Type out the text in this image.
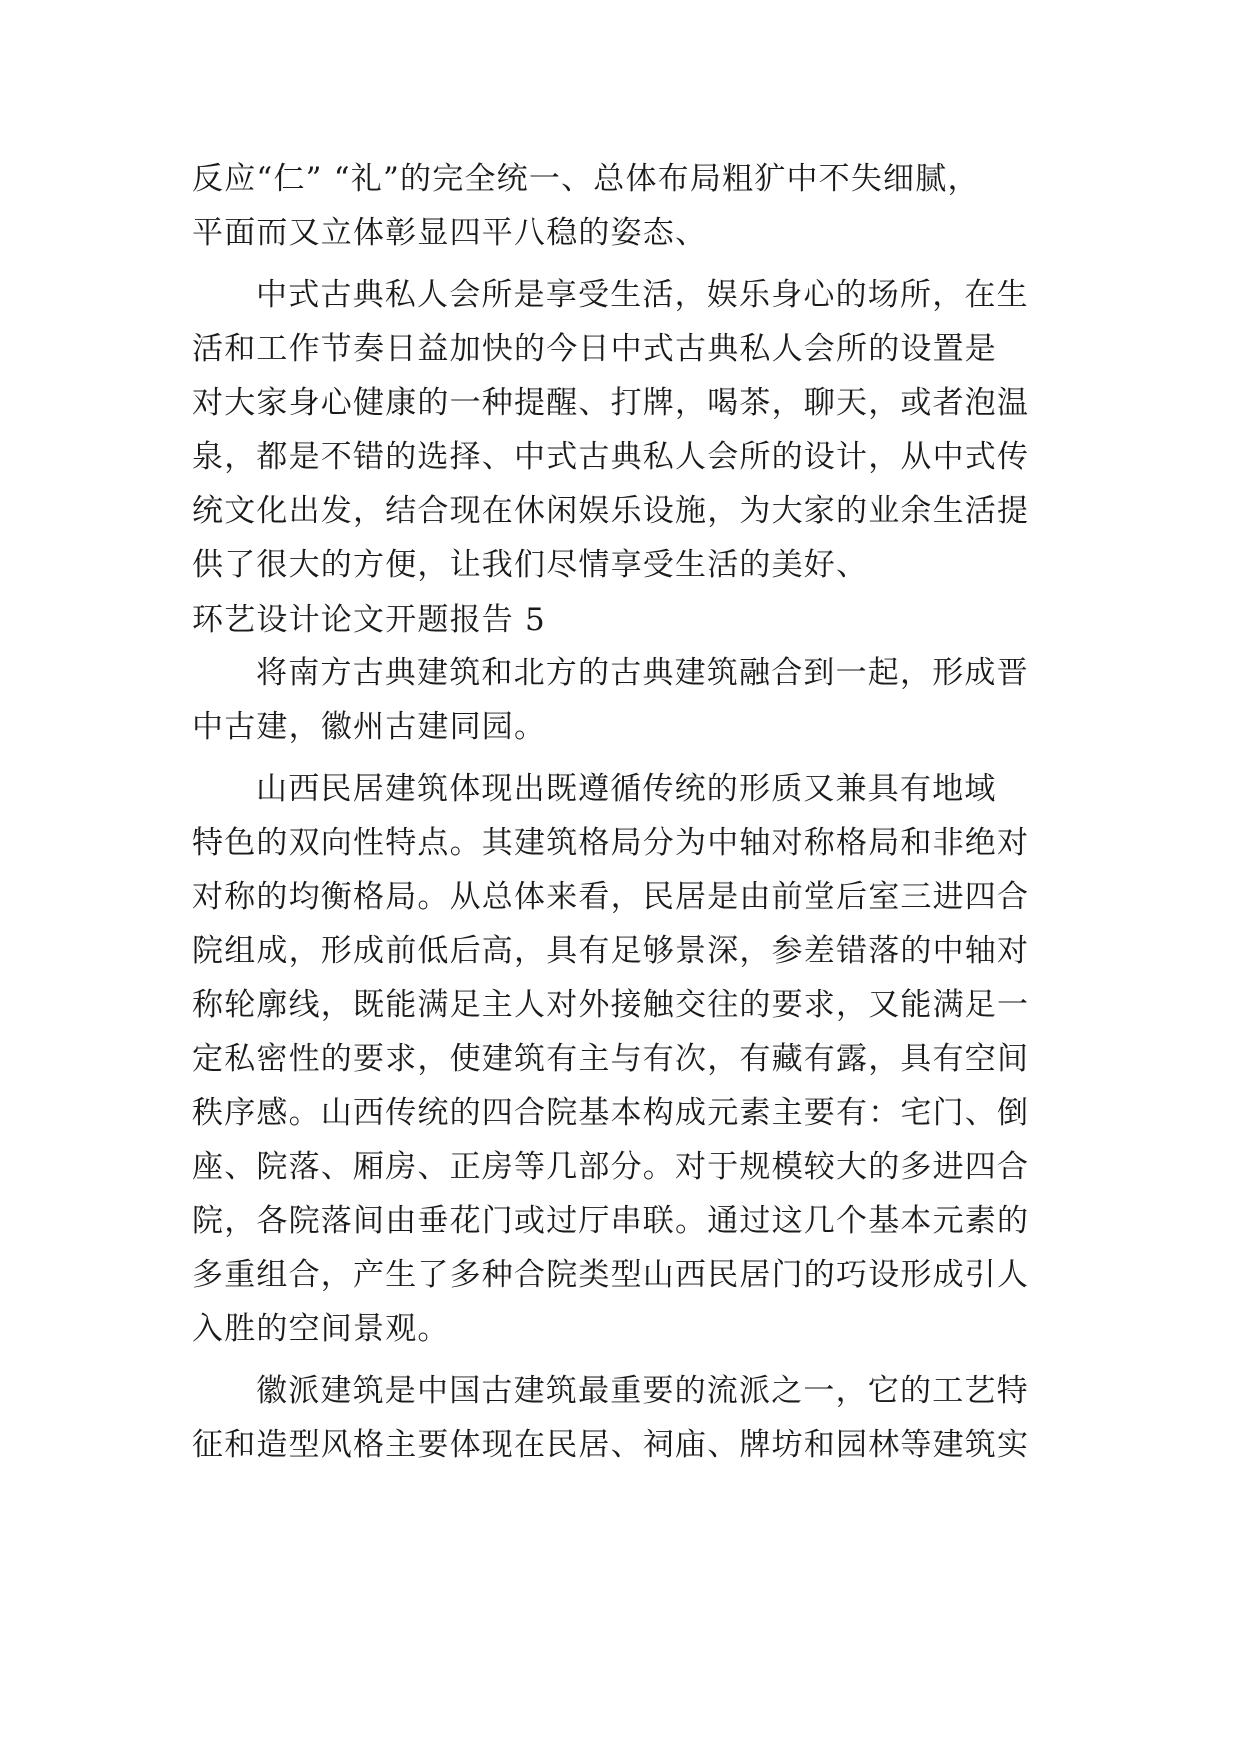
反应“仁” “礼”的完全统一、总体布局粗犷中不失细腻，
平面而又立体彰显四平八稳的姿态、
中式古典私人会所是享受生活，娱乐身心的场所，在生
活和工作节奏日益加快的今日中式古典私人会所的设置是
对大家身心健康的一种提醒、打牌，喝茶，聊天，或者泡温
泉，都是不错的选择、中式古典私人会所的设计，从中式传
统文化出发，结合现在休闲娱乐设施，为大家的业余生活提
供了很大的方便，让我们尽情享受生活的美好、
环艺设计论文开题报告 5
将南方古典建筑和北方的古典建筑融合到一起，形成晋
中古建，徽州古建同园。
山西民居建筑体现出既遵循传统的形质又兼具有地域
特色的双向性特点。其建筑格局分为中轴对称格局和非绝对
对称的均衡格局。从总体来看，民居是由前堂后室三进四合
院组成，形成前低后高，具有足够景深，参差错落的中轴对
称轮廓线，既能满足主人对外接触交往的要求，又能满足一
定私密性的要求，使建筑有主与有次，有藏有露，具有空间
秩序感。山西传统的四合院基本构成元素主要有：宅门、倒
座、院落、厢房、正房等几部分。对于规模较大的多进四合
院，各院落间由垂花门或过厅串联。通过这几个基本元素的
多重组合，产生了多种合院类型山西民居门的巧设形成引人
入胜的空间景观。
徽派建筑是中国古建筑最重要的流派之一，它的工艺特
征和造型风格主要体现在民居、祠庙、牌坊和园林等建筑实
